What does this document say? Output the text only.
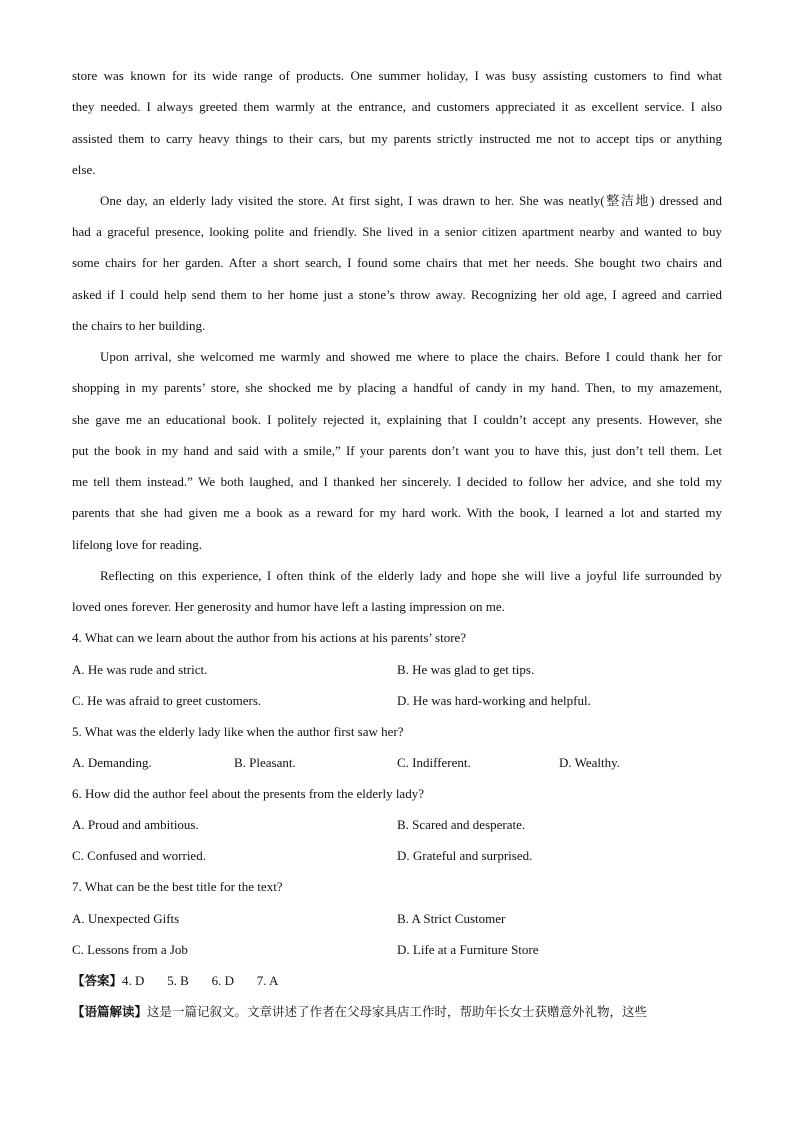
store was known for its wide range of products. One summer holiday, I was busy assisting customers to find what
they needed. I always greeted them warmly at the entrance, and customers appreciated it as excellent service. I also
assisted them to carry heavy things to their cars, but my parents strictly instructed me not to accept tips or anything
else.
One day, an elderly lady visited the store. At first sight, I was drawn to her. She was neatly(整洁地) dressed and
had a graceful presence, looking polite and friendly. She lived in a senior citizen apartment nearby and wanted to buy
some chairs for her garden. After a short search, I found some chairs that met her needs. She bought two chairs and
asked if I could help send them to her home just a stone’s throw away. Recognizing her old age, I agreed and carried
the chairs to her building.
Upon arrival, she welcomed me warmly and showed me where to place the chairs. Before I could thank her for
shopping in my parents’ store, she shocked me by placing a handful of candy in my hand. Then, to my amazement,
she gave me an educational book. I politely rejected it, explaining that I couldn’t accept any presents. However, she
put the book in my hand and said with a smile,” If your parents don’t want you to have this, just don’t tell them. Let
me tell them instead.” We both laughed, and I thanked her sincerely. I decided to follow her advice, and she told my
parents that she had given me a book as a reward for my hard work. With the book, I learned a lot and started my
lifelong love for reading.
Reflecting on this experience, I often think of the elderly lady and hope she will live a joyful life surrounded by
loved ones forever. Her generosity and humor have left a lasting impression on me.
4. What can we learn about the author from his actions at his parents’ store?
A. He was rude and strict.	B. He was glad to get tips.
C. He was afraid to greet customers.	D. He was hard-working and helpful.
5. What was the elderly lady like when the author first saw her?
A. Demanding.	B. Pleasant.	C. Indifferent.	D. Wealthy.
6. How did the author feel about the presents from the elderly lady?
A. Proud and ambitious.	B. Scared and desperate.
C. Confused and worried.	D. Grateful and surprised.
7. What can be the best title for the text?
A. Unexpected Gifts	B. A Strict Customer
C. Lessons from a Job	D. Life at a Furniture Store
【答案】4. D       5. B       6. D       7. A
【语篇解读】这是一篇记叙文。文章讲述了作者在父母家具店工作时，帮助年长女士获赠意外礼物，这些
